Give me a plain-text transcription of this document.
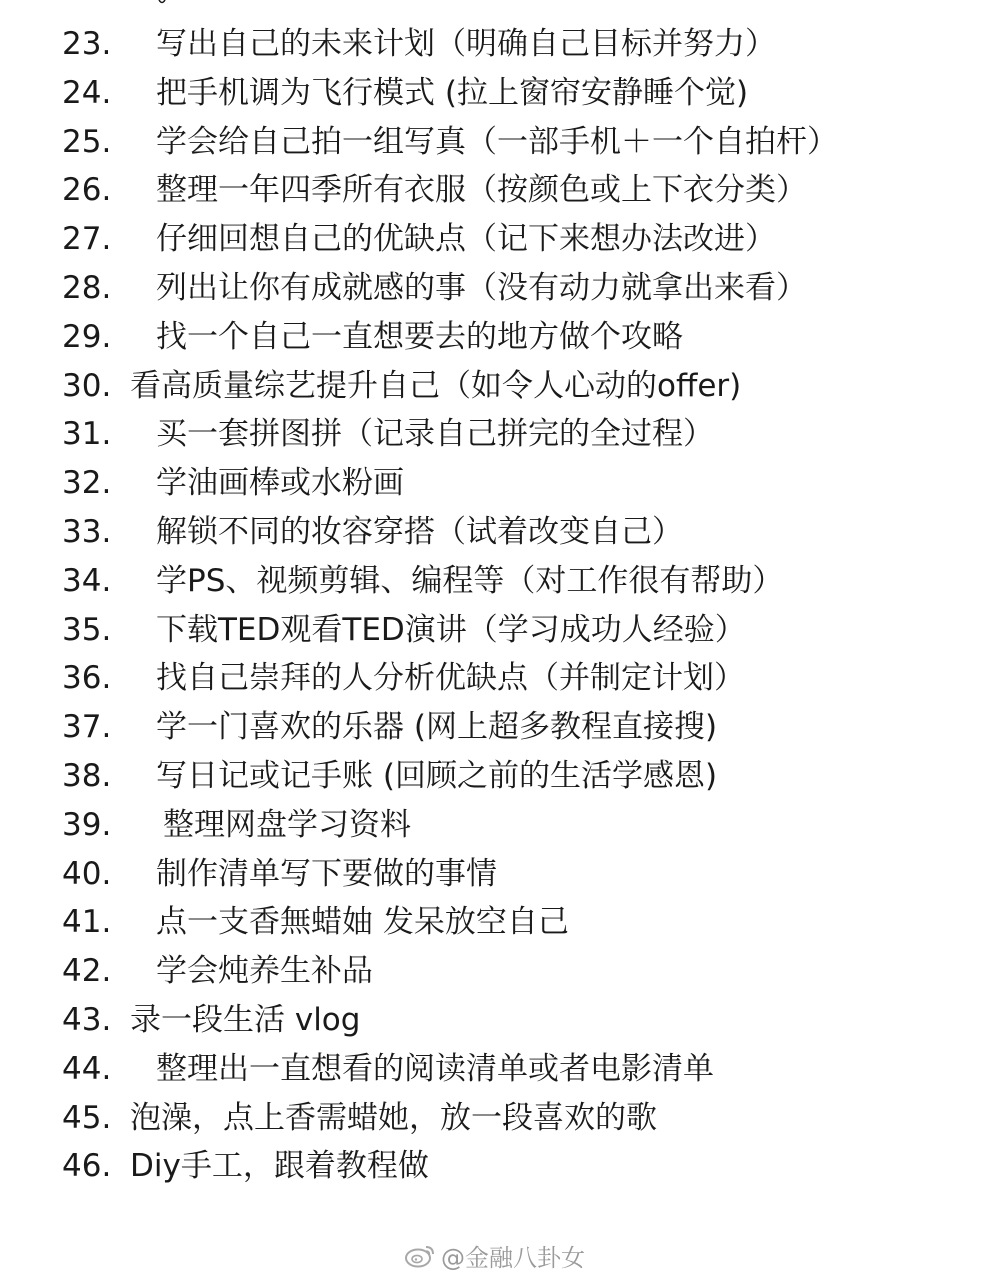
23. 写出自己的未来计划（明确自己目标并努力）
24. 把手机调为飞行模式 (拉上窗帘安静睡个觉)
25. 学会给自己拍一组写真（一部手机＋一个自拍杆）
26. 整理一年四季所有衣服（按颜色或上下衣分类）
27. 仔细回想自己的优缺点（记下来想办法改进）
28. 列出让你有成就感的事（没有动力就拿出来看）
29. 找一个自己一直想要去的地方做个攻略
30. 看高质量综艺提升自己（如令人心动的offer)
31. 买一套拼图拼（记录自己拼完的全过程）
32. 学油画棒或水粉画
33. 解锁不同的妆容穿搭（试着改变自己）
34. 学PS、视频剪辑、编程等（对工作很有帮助）
35. 下载TED观看TED演讲（学习成功人经验）
36. 找自己崇拜的人分析优缺点（并制定计划）
37. 学一门喜欢的乐器 (网上超多教程直接搜)
38. 写日记或记手账 (回顾之前的生活学感恩)
39. 整理网盘学习资料
40. 制作清单写下要做的事情
41. 点一支香無蜡妯 发呆放空自己
42. 学会炖养生补品
43. 录一段生活 vlog
44. 整理出一直想看的阅读清单或者电影清单
45. 泡澡，点上香需蜡她，放一段喜欢的歌
46. Diy手工，跟着教程做
@金融八卦女
